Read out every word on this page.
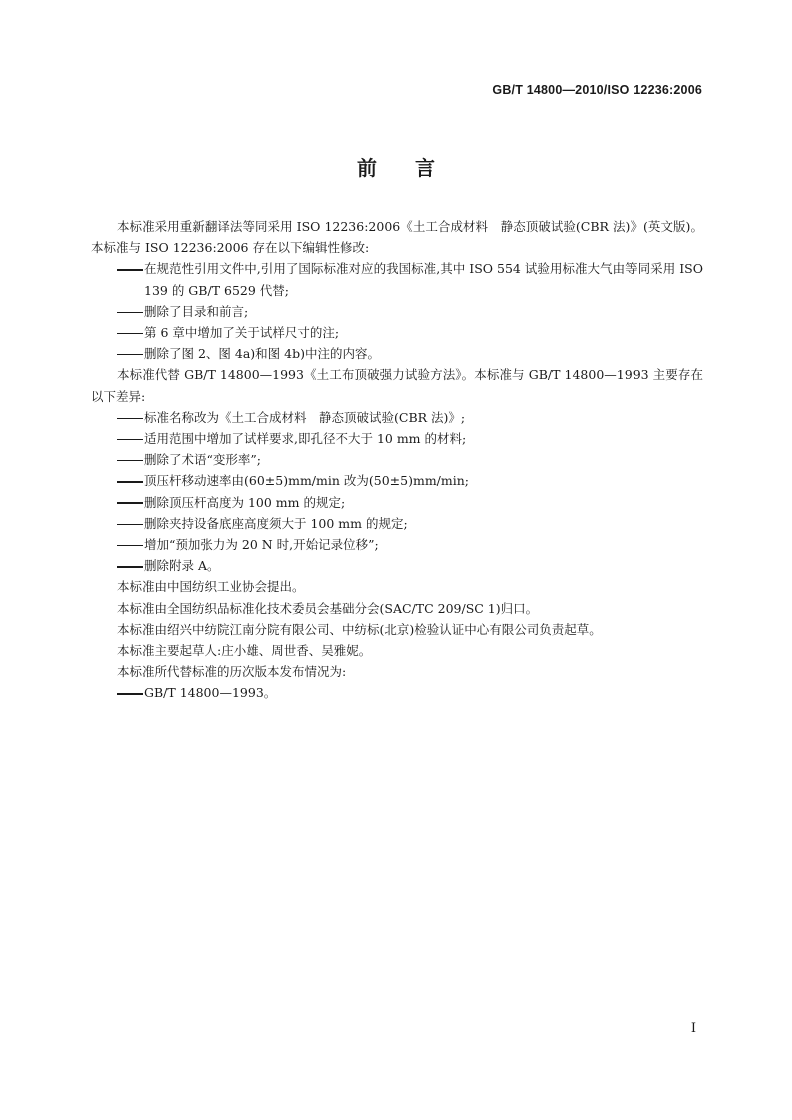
GB/T 14800—2010/ISO 12236:2006
前言

本标准采用重新翻译法等同采用 ISO 12236:2006《土工合成材料　静态顶破试验(CBR 法)》(英文版)。本标准与 ISO 12236:2006 存在以下编辑性修改:

在规范性引用文件中,引用了国际标准对应的我国标准,其中 ISO 554 试验用标准大气由等同采用 ISO 139 的 GB/T 6529 代替;

删除了目录和前言;

第 6 章中增加了关于试样尺寸的注;

删除了图 2、图 4a)和图 4b)中注的内容。

本标准代替 GB/T 14800—1993《土工布顶破强力试验方法》。本标准与 GB/T 14800—1993 主要存在以下差异:

标准名称改为《土工合成材料　静态顶破试验(CBR 法)》;

适用范围中增加了试样要求,即孔径不大于 10 mm 的材料;

删除了术语“变形率”;

顶压杆移动速率由(60±5)mm/min 改为(50±5)mm/min;

删除顶压杆高度为 100 mm 的规定;

删除夹持设备底座高度须大于 100 mm 的规定;

增加“预加张力为 20 N 时,开始记录位移”;

删除附录 A。

本标准由中国纺织工业协会提出。

本标准由全国纺织品标准化技术委员会基础分会(SAC/TC 209/SC 1)归口。

本标准由绍兴中纺院江南分院有限公司、中纺标(北京)检验认证中心有限公司负责起草。

本标准主要起草人:庄小雄、周世香、吴雅妮。

本标准所代替标准的历次版本发布情况为:

GB/T 14800—1993。

I
